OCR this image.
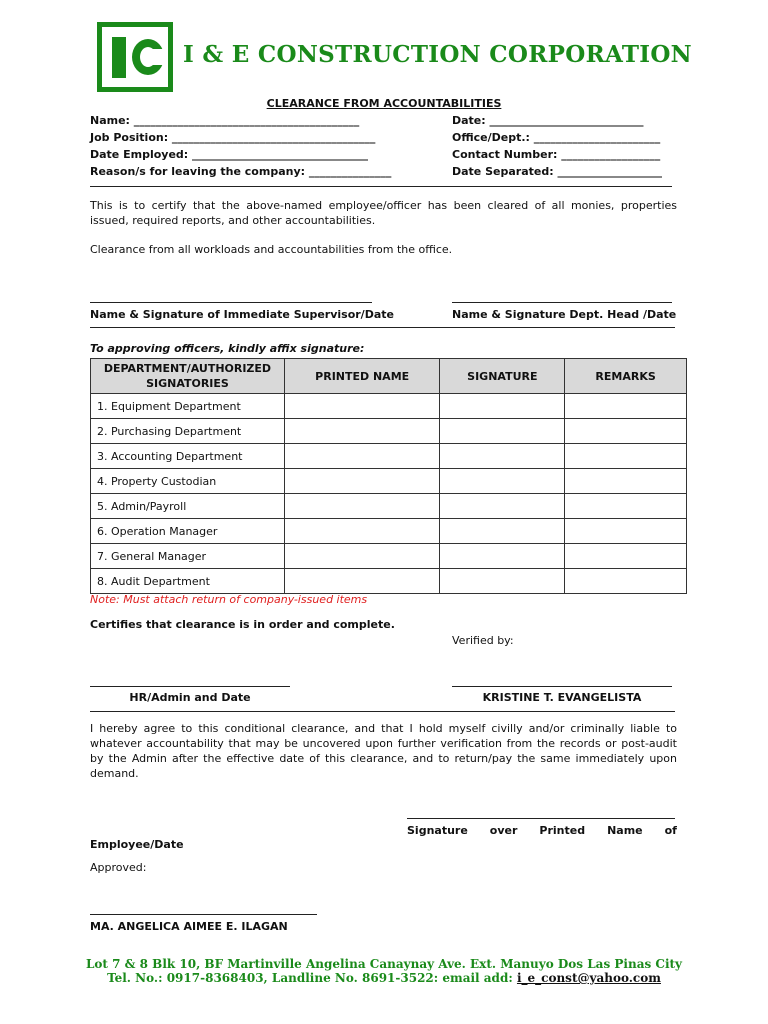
I & E CONSTRUCTION CORPORATION
CLEARANCE FROM ACCOUNTABILITIES
Name: _________________________________________	Date: ____________________________
Job Position: _____________________________________	Office/Dept.: _______________________
Date Employed: ________________________________	Contact Number: __________________
Reason/s for leaving the company: _______________	Date Separated: ___________________
This is to certify that the above-named employee/officer has been cleared of all monies, properties issued, required reports, and other accountabilities.
Clearance from all workloads and accountabilities from the office.
Name & Signature of Immediate Supervisor/Date	Name & Signature Dept. Head /Date
To approving officers, kindly affix signature:
DEPARTMENT/AUTHORIZED SIGNATORIES	PRINTED NAME	SIGNATURE	REMARKS
1. Equipment Department			
2. Purchasing Department			
3. Accounting Department			
4. Property Custodian			
5. Admin/Payroll			
6. Operation Manager			
7. General Manager			
8. Audit Department			
Note: Must attach return of company-issued items
Certifies that clearance is in order and complete.
Verified by:
HR/Admin and Date	KRISTINE T. EVANGELISTA
I hereby agree to this conditional clearance, and that I hold myself civilly and/or criminally liable to whatever accountability that may be uncovered upon further verification from the records or post-audit by the Admin after the effective date of this clearance, and to return/pay the same immediately upon demand.
Signature over Printed Name of
Employee/Date
Approved:
MA. ANGELICA AIMEE E. ILAGAN
Lot 7 & 8 Blk 10, BF Martinville Angelina Canaynay Ave. Ext. Manuyo Dos Las Pinas City
Tel. No.: 0917-8368403, Landline No. 8691-3522: email add: i_e_const@yahoo.com
